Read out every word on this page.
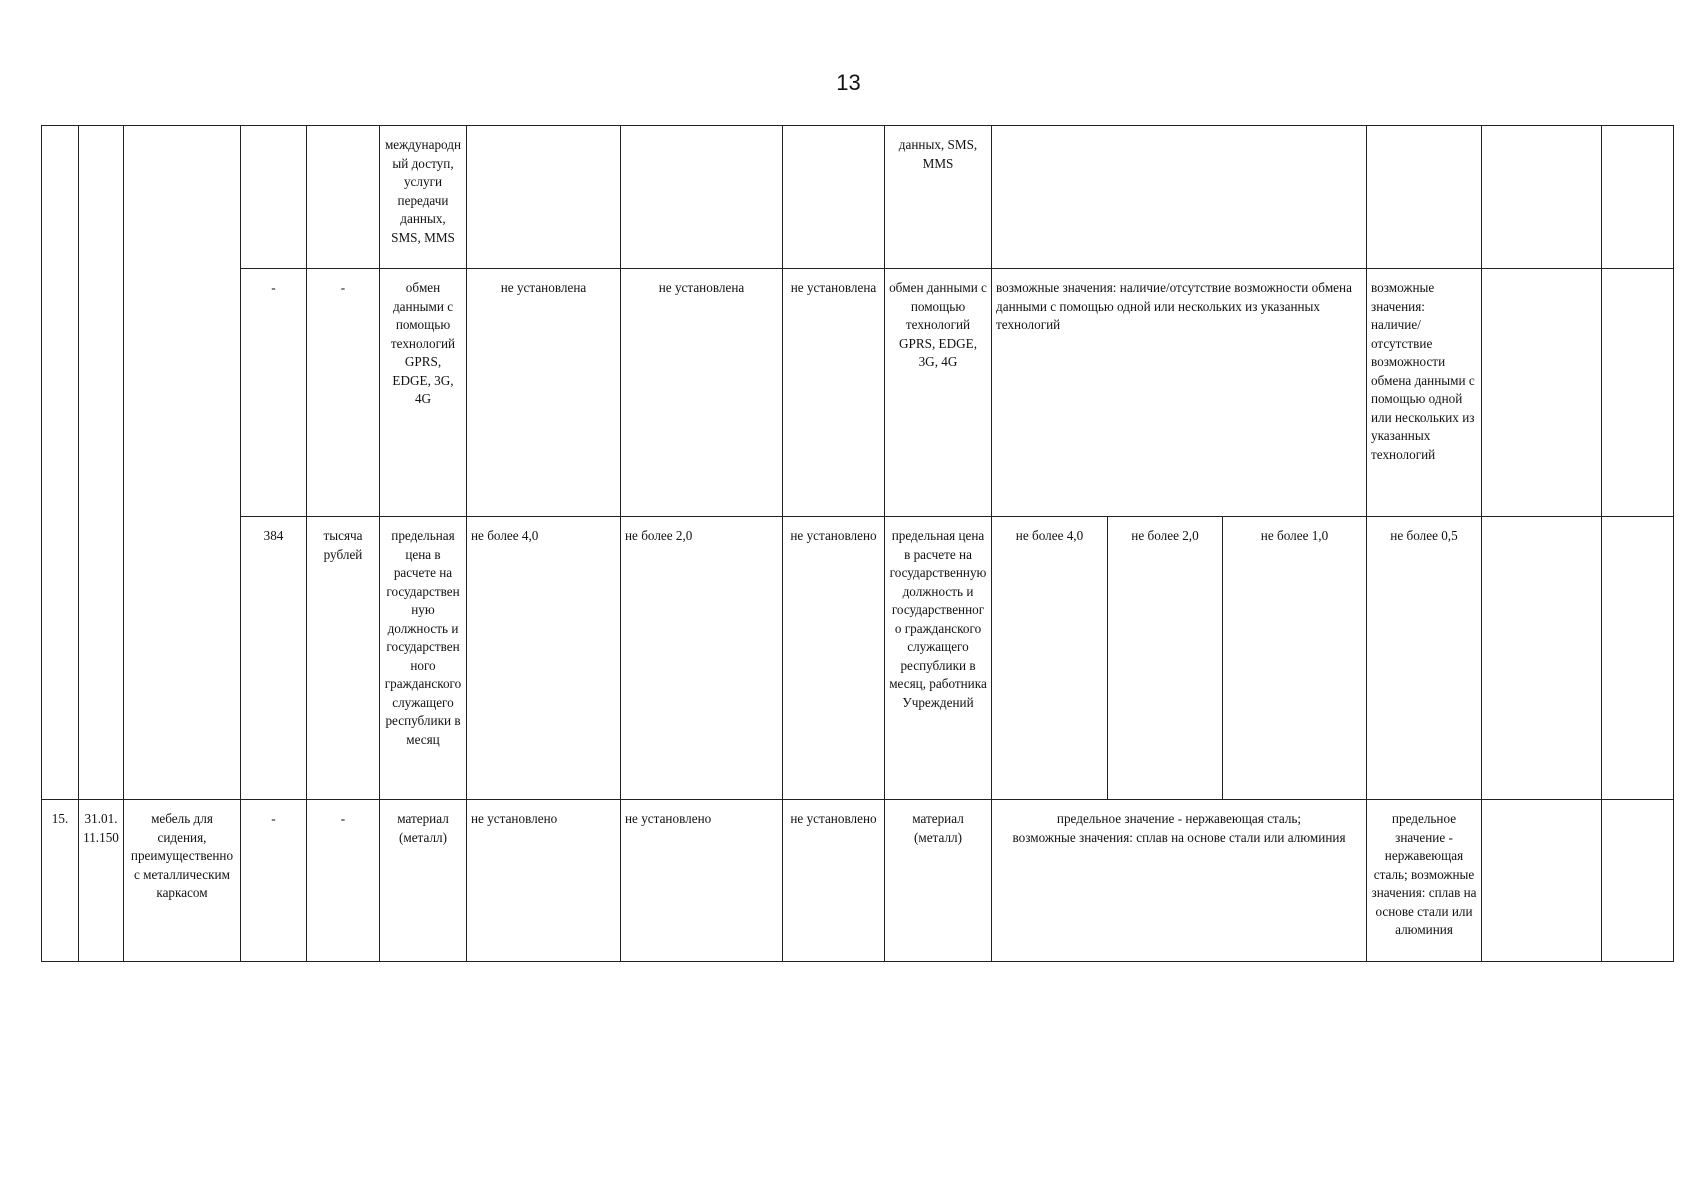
13
					международный доступ, услуги передачи данных, SMS, MMS				данных, SMS, MMS						
			-	-	обмен данными с помощью технологий GPRS, EDGE, 3G, 4G	не установлена	не установлена	не установлена	обмен данными с помощью технологий GPRS, EDGE, 3G, 4G	возможные значения: наличие/отсутствие возможности обмена данными с помощью одной или нескольких из указанных технологий			возможные значения: наличие/отсутствие возможности обмена данными с помощью одной или нескольких из указанных технологий		
			384	тысяча рублей	предельная цена в расчете на государственную должность и государственного гражданского служащего республики в месяц	не более 4,0	не более 2,0	не установлено	предельная цена в расчете на государственную должность и государственного гражданского служащего республики в месяц, работника Учреждений	не более 4,0	не более 2,0	не более 1,0	не более 0,5		
15.	31.01.11.150	мебель для сидения, преимущественно с металлическим каркасом	-	-	материал (металл)	не установлено	не установлено	не установлено	материал (металл)	предельное значение - нержавеющая сталь;
возможные значения: сплав на основе стали или алюминия			предельное значение - нержавеющая сталь; возможные значения: сплав на основе стали или алюминия		
